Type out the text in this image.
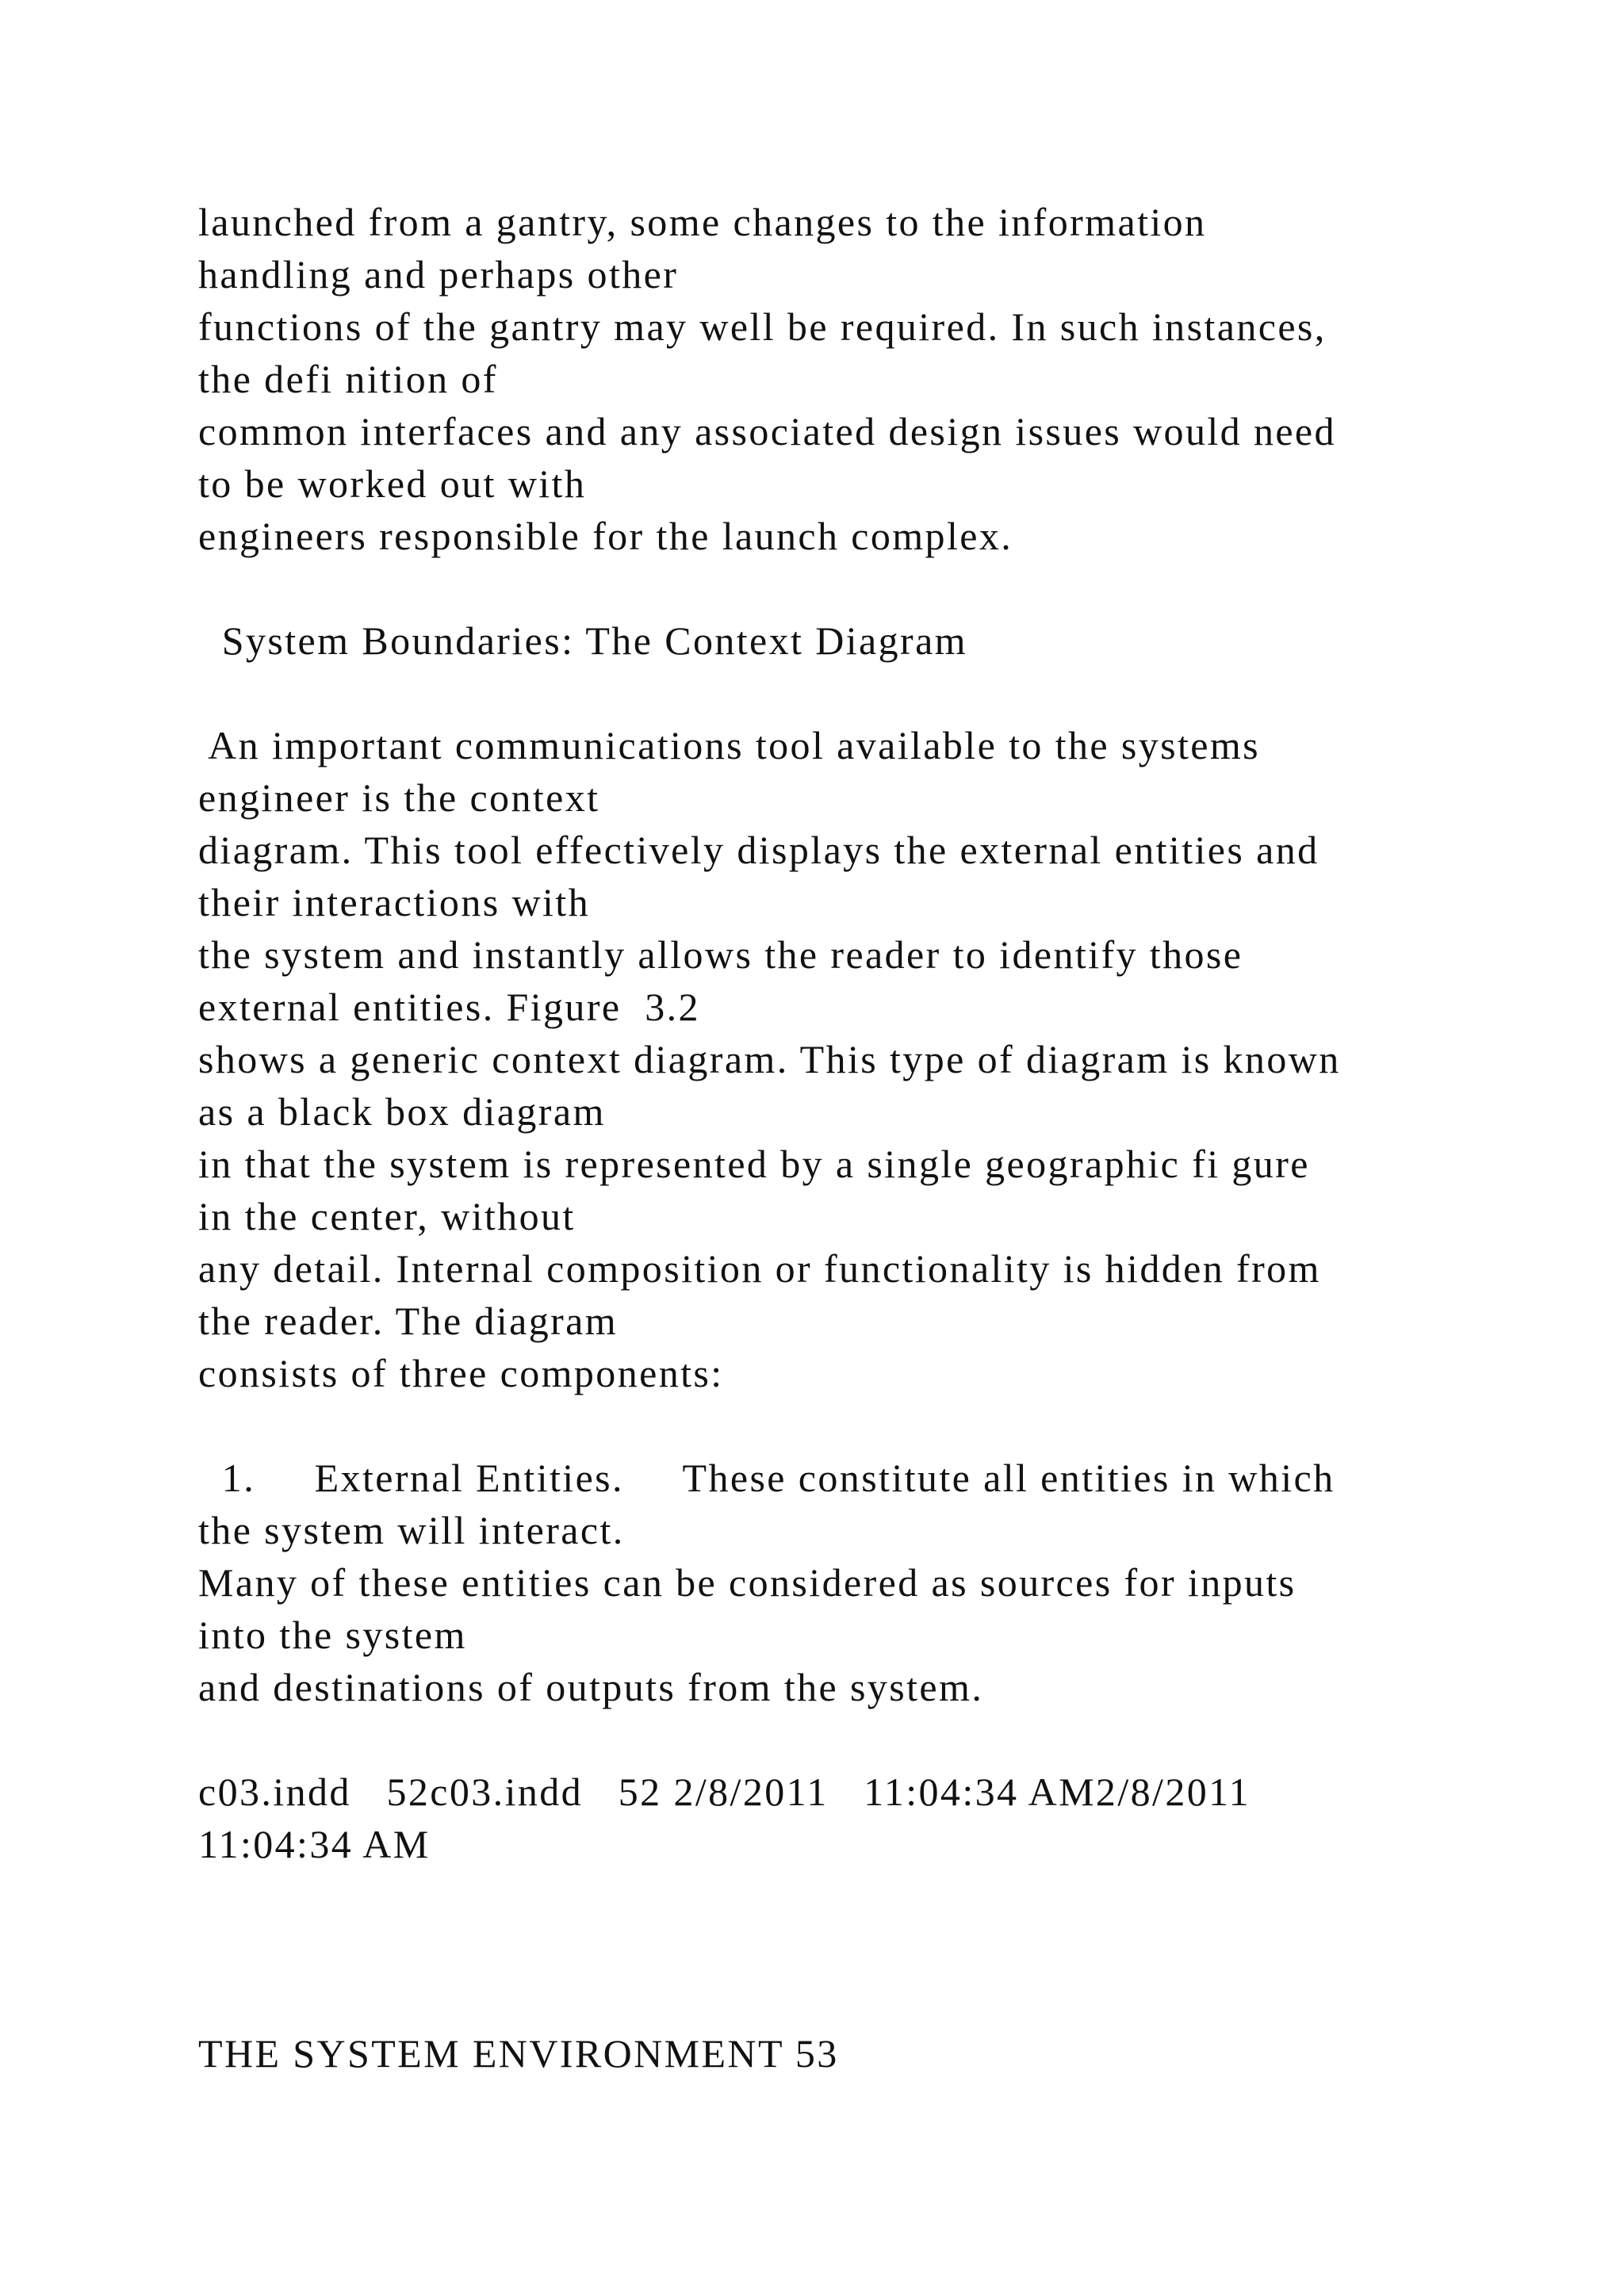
launched from a gantry, some changes to the information

handling and perhaps other

functions of the gantry may well be required. In such instances,

the defi nition of

common interfaces and any associated design issues would need

to be worked out with

engineers responsible for the launch complex.

System Boundaries: The Context Diagram

An important communications tool available to the systems

engineer is the context

diagram. This tool effectively displays the external entities and

their interactions with

the system and instantly allows the reader to identify those

external entities. Figure  3.2

shows a generic context diagram. This type of diagram is known

as a black box diagram

in that the system is represented by a single geographic fi gure

in the center, without

any detail. Internal composition or functionality is hidden from

the reader. The diagram

consists of three components:

1.     External Entities.     These constitute all entities in which

the system will interact.

Many of these entities can be considered as sources for inputs

into the system

and destinations of outputs from the system.

c03.indd   52c03.indd   52 2/8/2011   11:04:34 AM2/8/2011

11:04:34 AM

THE SYSTEM ENVIRONMENT 53
